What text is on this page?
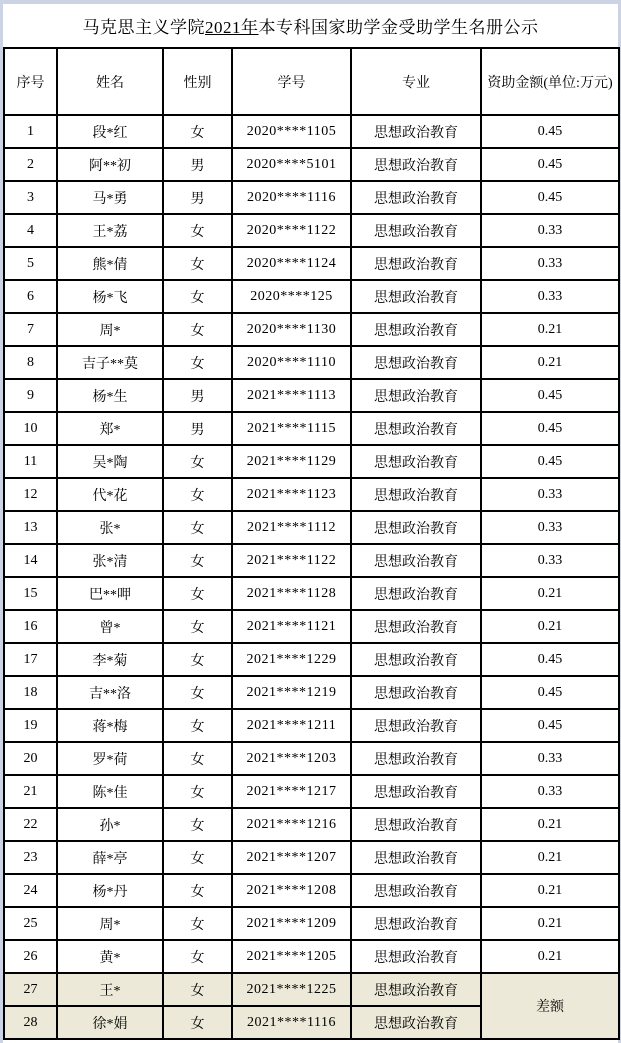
马克思主义学院 2021年 本专科国家助学金受助学生名册公示
序号	姓名	性别	学号	专业	资助金额(单位:万元)
1	段*红	女	2020****1105	思想政治教育	0.45
2	阿**初	男	2020****5101	思想政治教育	0.45
3	马*勇	男	2020****1116	思想政治教育	0.45
4	王*荔	女	2020****1122	思想政治教育	0.33
5	熊*倩	女	2020****1124	思想政治教育	0.33
6	杨*飞	女	2020****125	思想政治教育	0.33
7	周*	女	2020****1130	思想政治教育	0.21
8	吉子**莫	女	2020****1110	思想政治教育	0.21
9	杨*生	男	2021****1113	思想政治教育	0.45
10	郑*	男	2021****1115	思想政治教育	0.45
11	吴*陶	女	2021****1129	思想政治教育	0.45
12	代*花	女	2021****1123	思想政治教育	0.33
13	张*	女	2021****1112	思想政治教育	0.33
14	张*清	女	2021****1122	思想政治教育	0.33
15	巴**呷	女	2021****1128	思想政治教育	0.21
16	曾*	女	2021****1121	思想政治教育	0.21
17	李*菊	女	2021****1229	思想政治教育	0.45
18	吉**洛	女	2021****1219	思想政治教育	0.45
19	蒋*梅	女	2021****1211	思想政治教育	0.45
20	罗*荷	女	2021****1203	思想政治教育	0.33
21	陈*佳	女	2021****1217	思想政治教育	0.33
22	孙*	女	2021****1216	思想政治教育	0.21
23	薛*亭	女	2021****1207	思想政治教育	0.21
24	杨*丹	女	2021****1208	思想政治教育	0.21
25	周*	女	2021****1209	思想政治教育	0.21
26	黄*	女	2021****1205	思想政治教育	0.21
27	王*	女	2021****1225	思想政治教育	差额
28	徐*娟	女	2021****1116	思想政治教育	
